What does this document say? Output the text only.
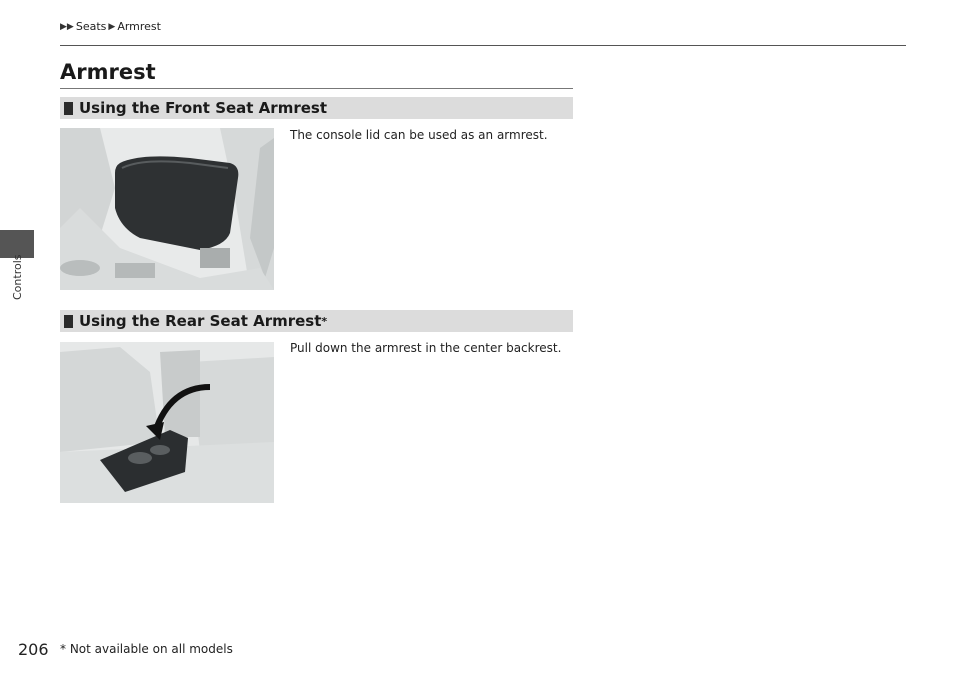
▶▶ Seats ▶ Armrest
Controls
Armrest
Using the Front Seat Armrest
The console lid can be used as an armrest.
Using the Rear Seat Armrest *
Pull down the armrest in the center backrest.
206 * Not available on all models
